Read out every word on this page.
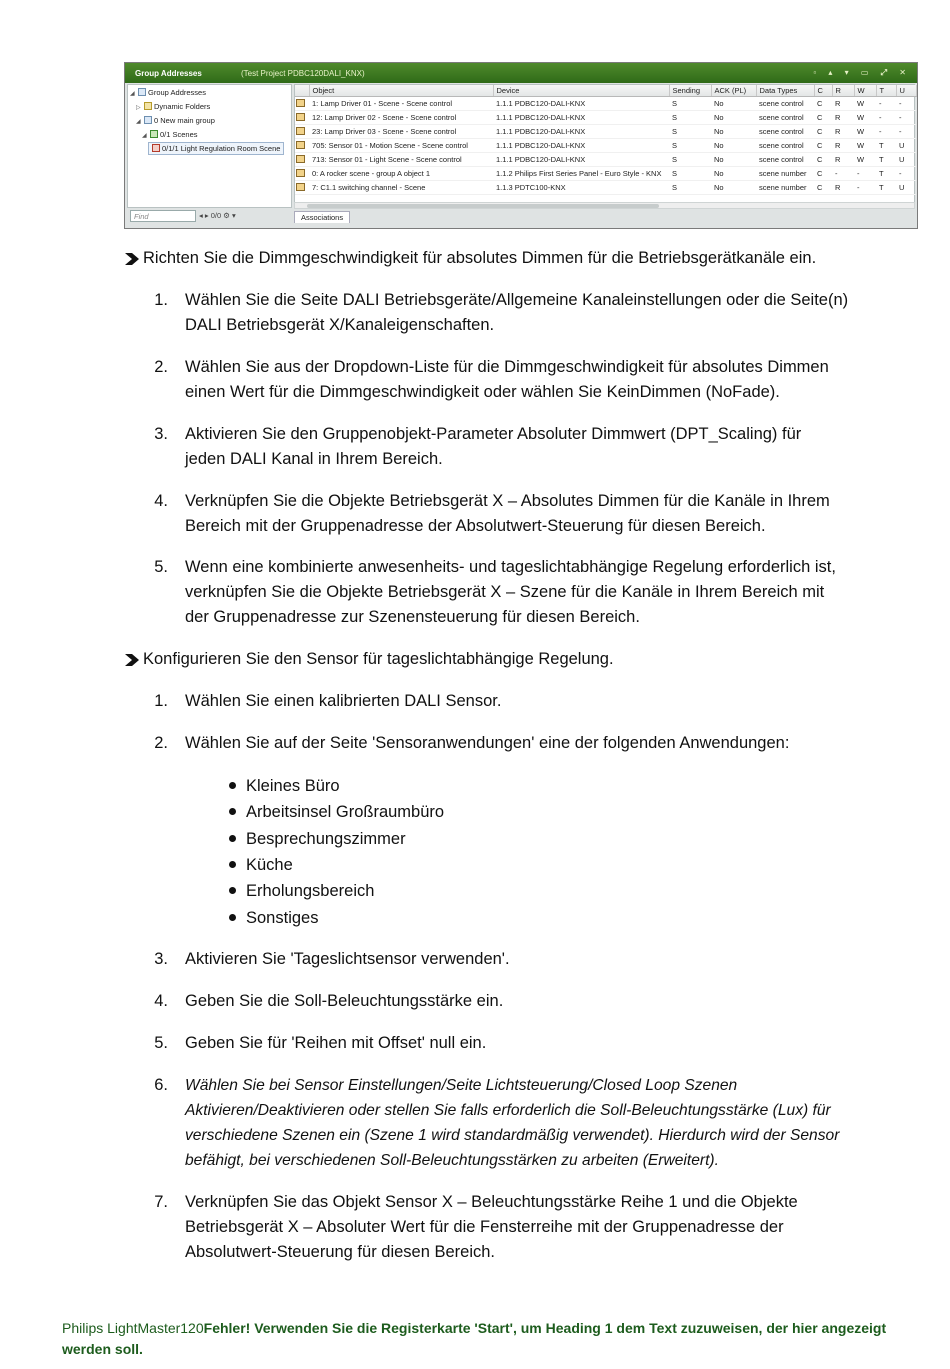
Group Addresses	(Test Project PDBC120DALI_KNX)	▫ ▴ ▾ ▭ ⤢ ✕
◢ Group Addresses
▷ Dynamic Folders
◢ 0 New main group
◢ 0/1 Scenes
0/1/1 Light Regulation Room Scene
Find	◂ ▸ 0/0 ⚙ ▾
	Object	Device	Sending	ACK (PL)	Data Types	C	R	W	T	U
	1: Lamp Driver 01 - Scene - Scene control	1.1.1 PDBC120-DALI-KNX	S	No	scene control	C	R	W	-	-
	12: Lamp Driver 02 - Scene - Scene control	1.1.1 PDBC120-DALI-KNX	S	No	scene control	C	R	W	-	-
	23: Lamp Driver 03 - Scene - Scene control	1.1.1 PDBC120-DALI-KNX	S	No	scene control	C	R	W	-	-
	705: Sensor 01 - Motion Scene - Scene control	1.1.1 PDBC120-DALI-KNX	S	No	scene control	C	R	W	T	U
	713: Sensor 01 - Light Scene - Scene control	1.1.1 PDBC120-DALI-KNX	S	No	scene control	C	R	W	T	U
	0: A rocker scene - group A object 1	1.1.2 Philips First Series Panel - Euro Style - KNX	S	No	scene number	C	-	-	T	-
	7: C1.1 switching channel - Scene	1.1.3 PDTC100-KNX	S	No	scene number	C	R	-	T	U
Associations
Richten Sie die Dimmgeschwindigkeit für absolutes Dimmen für die Betriebsgerätkanäle ein.
1. Wählen Sie die Seite DALI Betriebsgeräte/Allgemeine Kanaleinstellungen oder die Seite(n)
DALI Betriebsgerät X/Kanaleigenschaften.
2. Wählen Sie aus der Dropdown-Liste für die Dimmgeschwindigkeit für absolutes Dimmen
einen Wert für die Dimmgeschwindigkeit oder wählen Sie KeinDimmen (NoFade).
3. Aktivieren Sie den Gruppenobjekt-Parameter Absoluter Dimmwert (DPT_Scaling) für
jeden DALI Kanal in Ihrem Bereich.
4. Verknüpfen Sie die Objekte Betriebsgerät X – Absolutes Dimmen für die Kanäle in Ihrem
Bereich mit der Gruppenadresse der Absolutwert-Steuerung für diesen Bereich.
5. Wenn eine kombinierte anwesenheits- und tageslichtabhängige Regelung erforderlich ist,
verknüpfen Sie die Objekte Betriebsgerät X – Szene für die Kanäle in Ihrem Bereich mit
der Gruppenadresse zur Szenensteuerung für diesen Bereich.
Konfigurieren Sie den Sensor für tageslichtabhängige Regelung.
1. Wählen Sie einen kalibrierten DALI Sensor.
2. Wählen Sie auf der Seite 'Sensoranwendungen' eine der folgenden Anwendungen:
Kleines Büro
Arbeitsinsel Großraumbüro
Besprechungszimmer
Küche
Erholungsbereich
Sonstiges
3. Aktivieren Sie 'Tageslichtsensor verwenden'.
4. Geben Sie die Soll-Beleuchtungsstärke ein.
5. Geben Sie für 'Reihen mit Offset' null ein.
6. Wählen Sie bei Sensor Einstellungen/Seite Lichtsteuerung/Closed Loop Szenen
Aktivieren/Deaktivieren oder stellen Sie falls erforderlich die Soll-Beleuchtungsstärke (Lux) für
verschiedene Szenen ein (Szene 1 wird standardmäßig verwendet). Hierdurch wird der Sensor
befähigt, bei verschiedenen Soll-Beleuchtungsstärken zu arbeiten (Erweitert).
7. Verknüpfen Sie das Objekt Sensor X – Beleuchtungsstärke Reihe 1 und die Objekte
Betriebsgerät X – Absoluter Wert für die Fensterreihe mit der Gruppenadresse der
Absolutwert-Steuerung für diesen Bereich.
Philips LightMaster120Fehler! Verwenden Sie die Registerkarte 'Start', um Heading 1 dem Text zuzuweisen, der hier angezeigt werden soll.
